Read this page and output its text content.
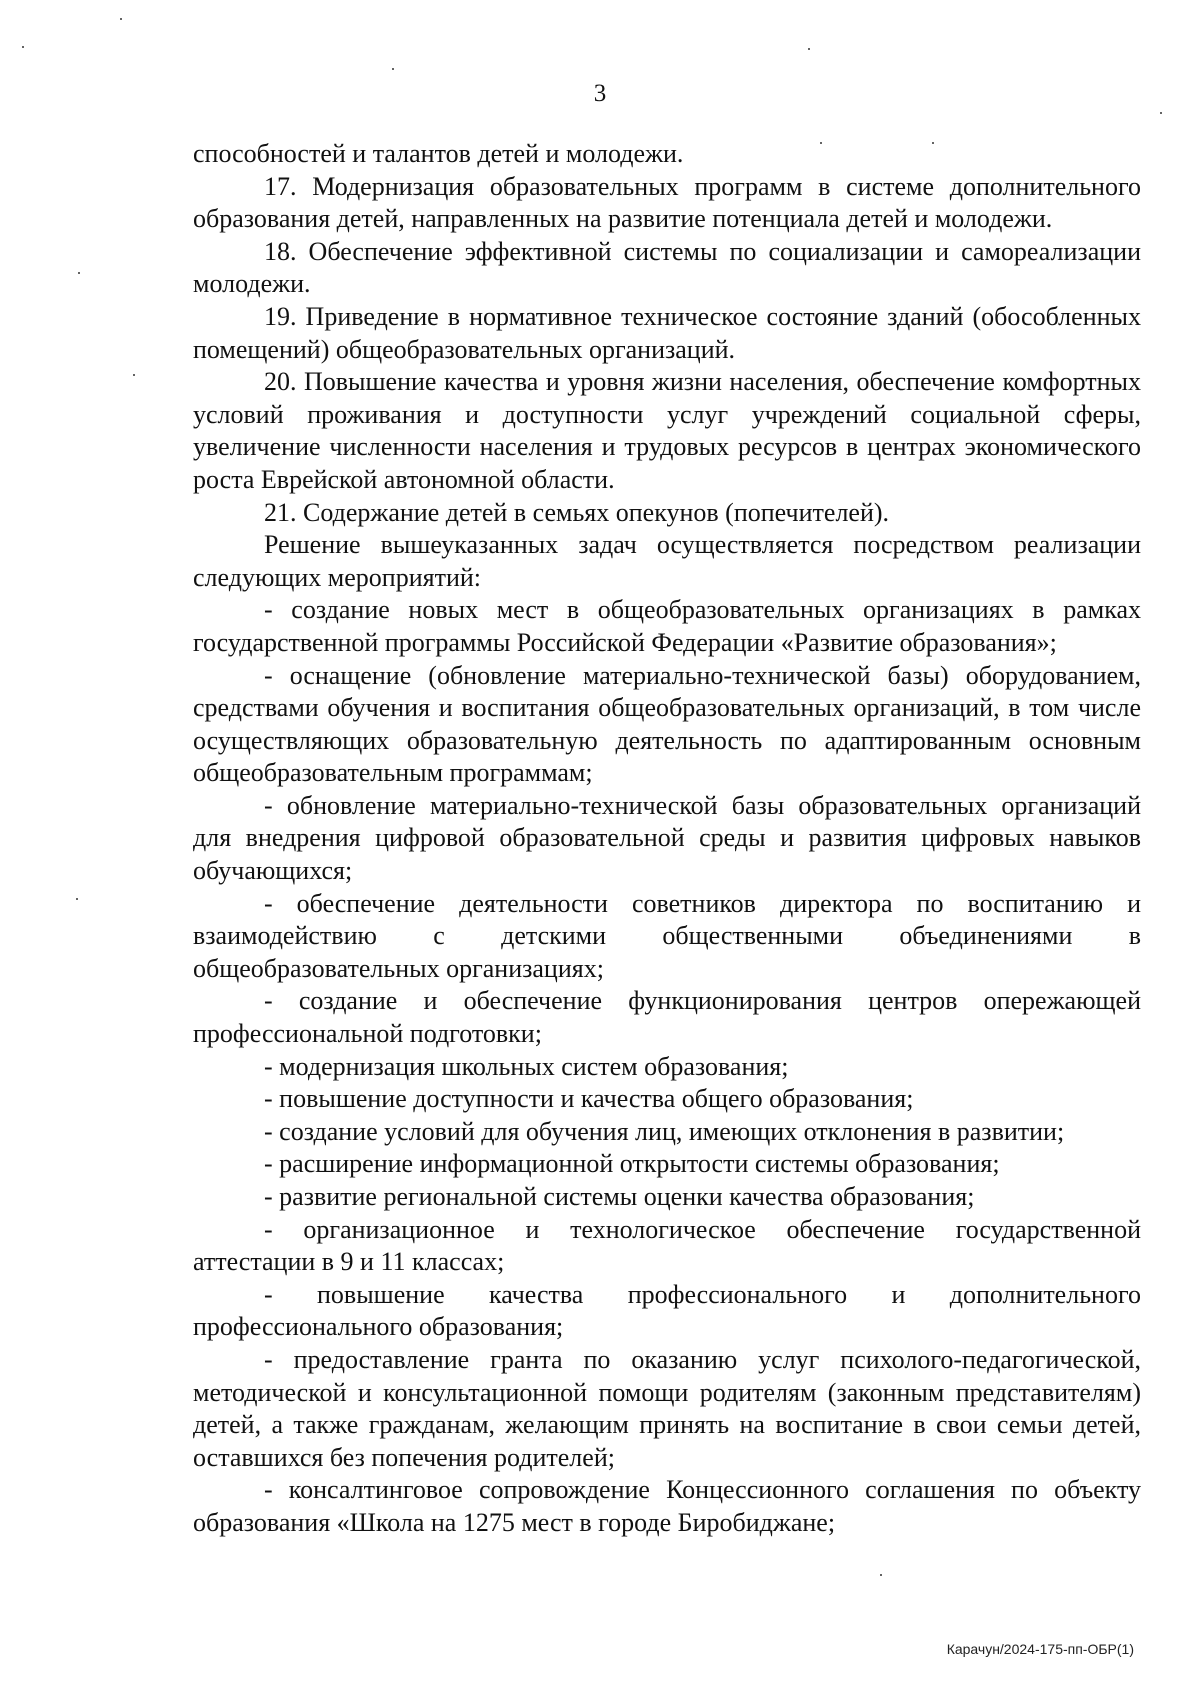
3

способностей и талантов детей и молодежи.

17. Модернизация образовательных программ в системе дополнительного образования детей, направленных на развитие потенциала детей и молодежи.

18. Обеспечение эффективной системы по социализации и самореализации молодежи.

19. Приведение в нормативное техническое состояние зданий (обособленных помещений) общеобразовательных организаций.

20. Повышение качества и уровня жизни населения, обеспечение комфортных условий проживания и доступности услуг учреждений социальной сферы, увеличение численности населения и трудовых ресурсов в центрах экономического роста Еврейской автономной области.

21. Содержание детей в семьях опекунов (попечителей).

Решение вышеуказанных задач осуществляется посредством реализации следующих мероприятий:

- создание новых мест в общеобразовательных организациях в рамках государственной программы Российской Федерации «Развитие образования»;

- оснащение (обновление материально-технической базы) оборудованием, средствами обучения и воспитания общеобразовательных организаций, в том числе осуществляющих образовательную деятельность по адаптированным основным общеобразовательным программам;

- обновление материально-технической базы образовательных организаций для внедрения цифровой образовательной среды и развития цифровых навыков обучающихся;

- обеспечение деятельности советников директора по воспитанию и взаимодействию с детскими общественными объединениями в общеобразовательных организациях;

- создание и обеспечение функционирования центров опережающей профессиональной подготовки;

- модернизация школьных систем образования;

- повышение доступности и качества общего образования;

- создание условий для обучения лиц, имеющих отклонения в развитии;

- расширение информационной открытости системы образования;

- развитие региональной системы оценки качества образования;

- организационное и технологическое обеспечение государственной аттестации в 9 и 11 классах;

- повышение качества профессионального и дополнительного профессионального образования;

- предоставление гранта по оказанию услуг психолого-педагогической, методической и консультационной помощи родителям (законным представителям) детей, а также гражданам, желающим принять на воспитание в свои семьи детей, оставшихся без попечения родителей;

- консалтинговое сопровождение Концессионного соглашения по объекту образования «Школа на 1275 мест в городе Биробиджане;

Карачун/2024-175-пп-ОБР(1)
